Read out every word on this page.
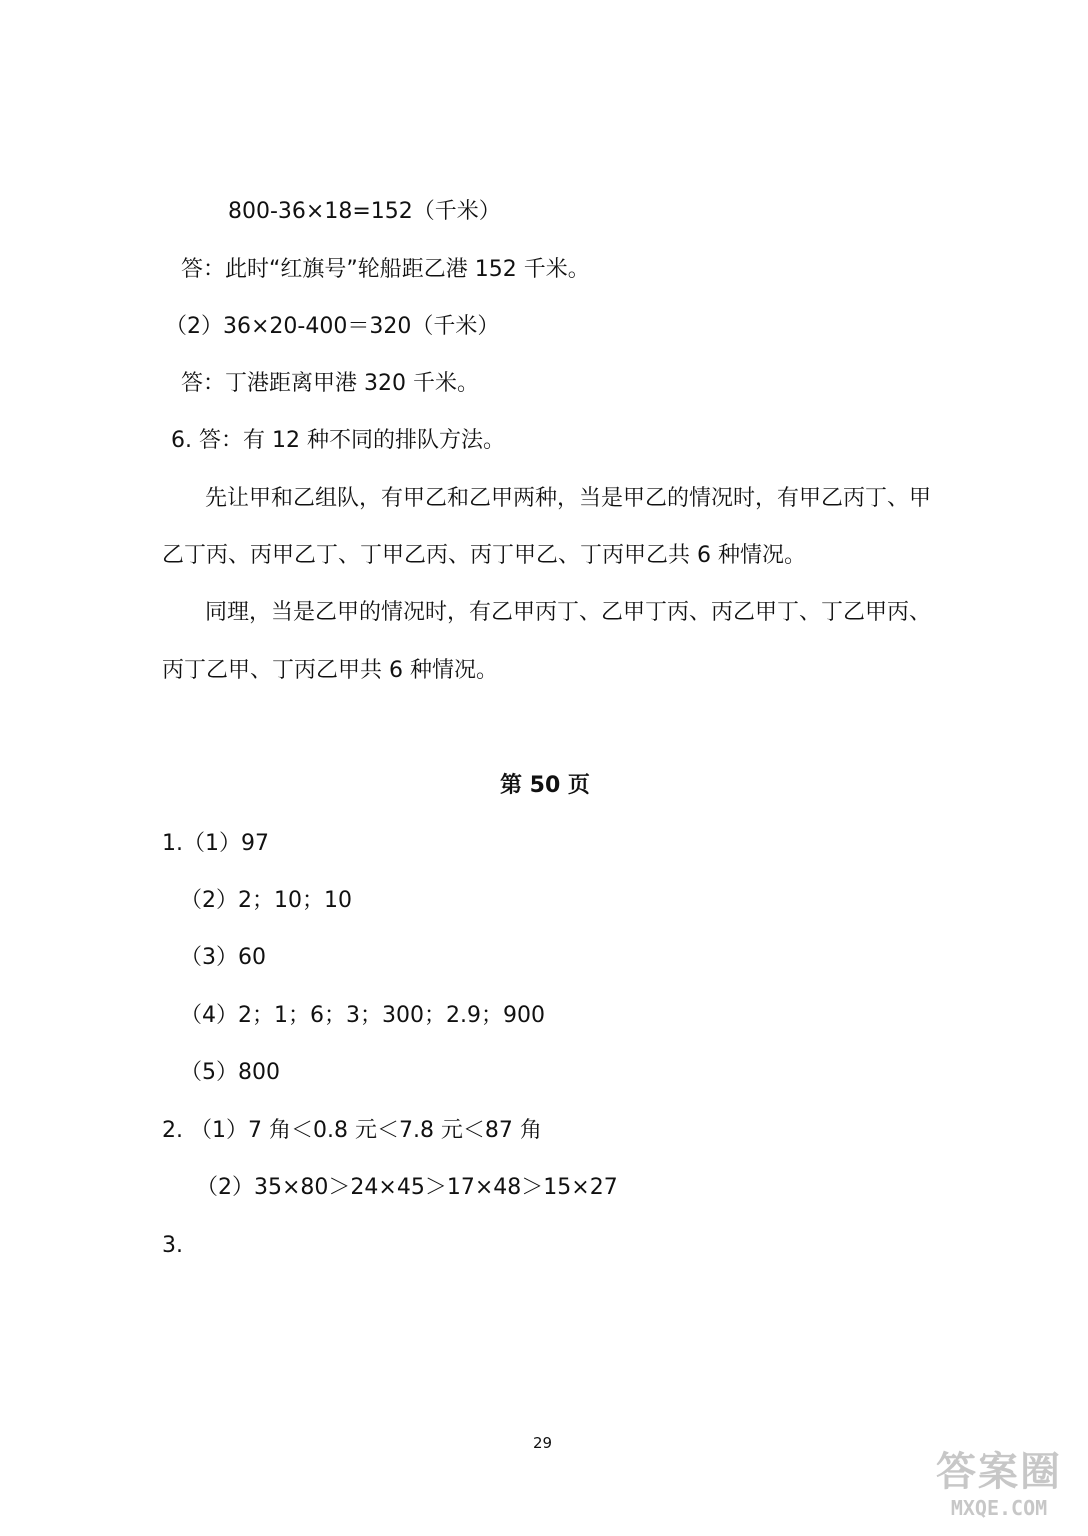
800-36×18=152（千米）
答：此时“红旗号”轮船距乙港 152 千米。
（2）36×20-400＝320（千米）
答：丁港距离甲港 320 千米。
6. 答：有 12 种不同的排队方法。
先让甲和乙组队，有甲乙和乙甲两种，当是甲乙的情况时，有甲乙丙丁、甲
乙丁丙、丙甲乙丁、丁甲乙丙、丙丁甲乙、丁丙甲乙共 6 种情况。
同理，当是乙甲的情况时，有乙甲丙丁、乙甲丁丙、丙乙甲丁、丁乙甲丙、
丙丁乙甲、丁丙乙甲共 6 种情况。
第 50 页
1.（1）97
（2）2；10；10
（3）60
（4）2；1；6；3；300；2.9；900
（5）800
2. （1）7 角＜0.8 元＜7.8 元＜87 角
（2）35×80＞24×45＞17×48＞15×27
3.
29
答案圈
MXQE.COM
